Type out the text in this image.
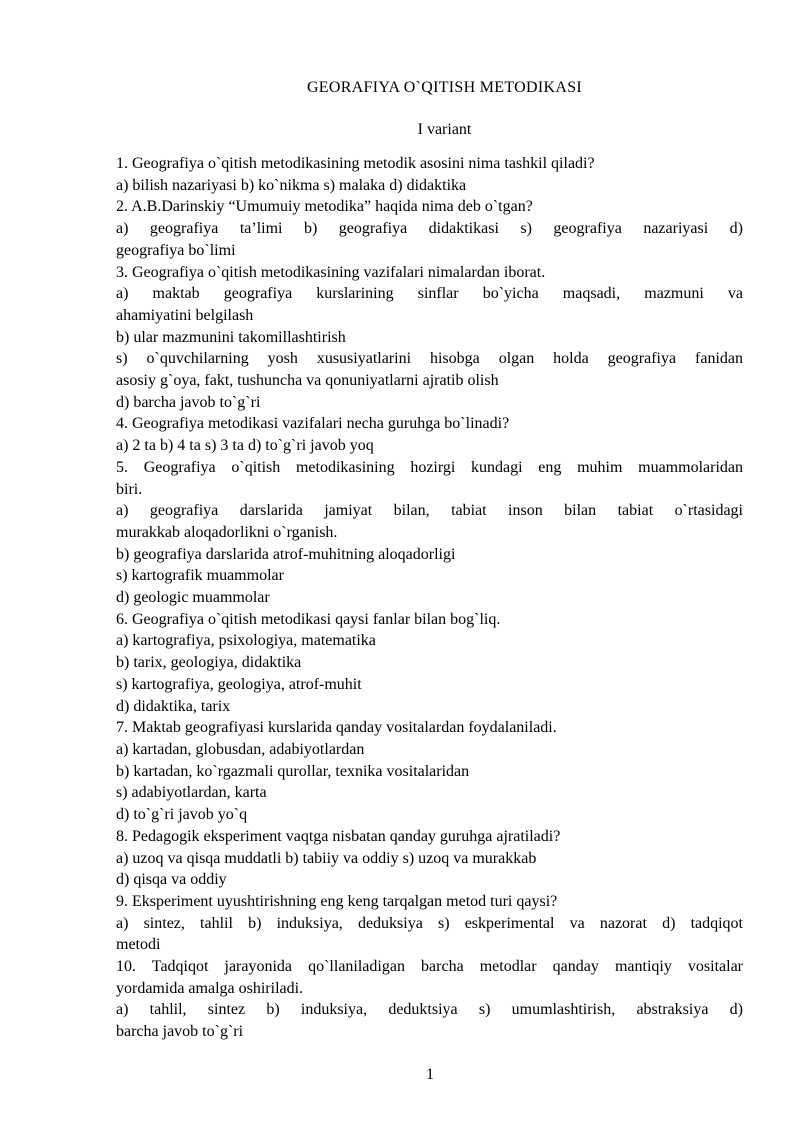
GEORAFIYA O`QITISH METODIKASI
I variant
1. Geografiya o`qitish metodikasining metodik asosini nima tashkil qiladi?
a) bilish nazariyasi b) ko`nikma s) malaka d) didaktika
2. A.B.Darinskiy “Umumuiy metodika” haqida nima deb o`tgan?
a) geografiya ta’limi b) geografiya didaktikasi s) geografiya nazariyasi d)
geografiya bo`limi
3. Geografiya o`qitish metodikasining vazifalari nimalardan iborat.
a) maktab geografiya kurslarining sinflar bo`yicha maqsadi, mazmuni va
ahamiyatini belgilash
b) ular mazmunini takomillashtirish
s) o`quvchilarning yosh xususiyatlarini hisobga olgan holda geografiya fanidan
asosiy g`oya, fakt, tushuncha va qonuniyatlarni ajratib olish
d) barcha javob to`g`ri
4. Geografiya metodikasi vazifalari necha guruhga bo`linadi?
a) 2 ta b) 4 ta s) 3 ta d) to`g`ri javob yoq
5. Geografiya o`qitish metodikasining hozirgi kundagi eng muhim muammolaridan
biri.
a) geografiya darslarida jamiyat bilan, tabiat inson bilan tabiat o`rtasidagi
murakkab aloqadorlikni o`rganish.
b) geografiya darslarida atrof-muhitning aloqadorligi
s) kartografik muammolar
d) geologic muammolar
6. Geografiya o`qitish metodikasi qaysi fanlar bilan bog`liq.
a) kartografiya, psixologiya, matematika
b) tarix, geologiya, didaktika
s) kartografiya, geologiya, atrof-muhit
d) didaktika, tarix
7. Maktab geografiyasi kurslarida qanday vositalardan foydalaniladi.
a) kartadan, globusdan, adabiyotlardan
b) kartadan, ko`rgazmali qurollar, texnika vositalaridan
s) adabiyotlardan, karta
d) to`g`ri javob yo`q
8. Pedagogik eksperiment vaqtga nisbatan qanday guruhga ajratiladi?
a) uzoq va qisqa muddatli b) tabiiy va oddiy s) uzoq va murakkab
d) qisqa va oddiy
9. Eksperiment uyushtirishning eng keng tarqalgan metod turi qaysi?
a) sintez, tahlil b) induksiya, deduksiya s) eskperimental va nazorat d) tadqiqot
metodi
10. Tadqiqot jarayonida qo`llaniladigan barcha metodlar qanday mantiqiy vositalar
yordamida amalga oshiriladi.
a) tahlil, sintez b) induksiya, deduktsiya s) umumlashtirish, abstraksiya d)
barcha javob to`g`ri
1
